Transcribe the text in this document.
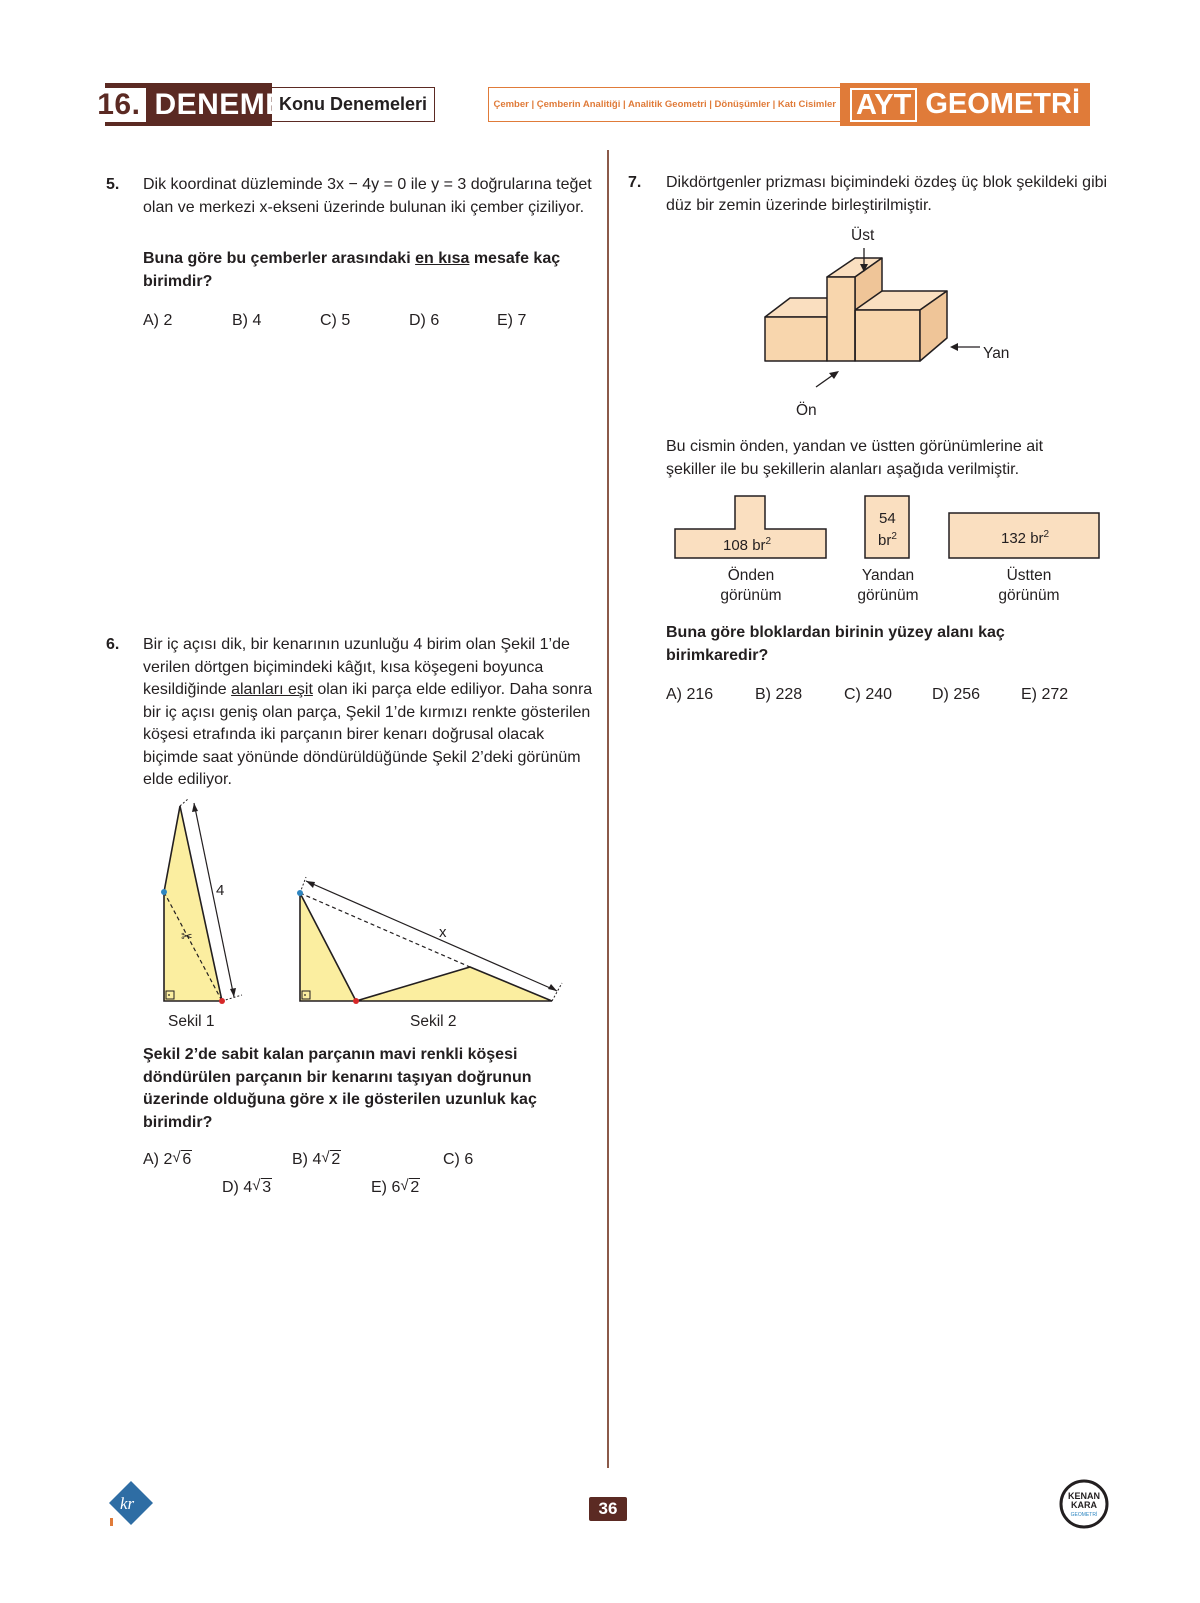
16. DENEME
Konu Denemeleri	Çember | Çemberin Analitiği | Analitik Geometri | Dönüşümler | Katı Cisimler AYT GEOMETRİ
5. Dik koordinat düzleminde 3x − 4y = 0 ile y = 3 doğrularına teğet olan ve merkezi x-ekseni üzerinde bulunan iki çember çiziliyor.
Buna göre bu çemberler arasındaki en kısa mesafe kaç birimdir?
A) 2	B) 4	C) 5	D) 6	E) 7
6. Bir iç açısı dik, bir kenarının uzunluğu 4 birim olan Şekil 1’de verilen dörtgen biçimindeki kâğıt, kısa köşegeni boyunca kesildiğinde alanları eşit olan iki parça elde ediliyor. Daha sonra bir iç açısı geniş olan parça, Şekil 1’de kırmızı renkte gösterilen köşesi etrafında iki parçanın birer kenarı doğrusal olacak biçimde saat yönünde döndürüldüğünde Şekil 2’deki görünüm elde ediliyor.
4
✂	x
Sekil 1	Sekil 2
Şekil 2’de sabit kalan parçanın mavi renkli köşesi döndürülen parçanın bir kenarını taşıyan doğrunun üzerinde olduğuna göre x ile gösterilen uzunluk kaç birimdir?
A) 2 √ 6	B) 4 √ 2	C) 6
D) 4 √ 3	E) 6 √ 2
7. Dikdörtgenler prizması biçimindeki özdeş üç blok şekildeki gibi düz bir zemin üzerinde birleştirilmiştir.
Üst
Yan
Ön
Bu cismin önden, yandan ve üstten görünümlerine ait şekiller ile bu şekillerin alanları aşağıda verilmiştir.
108 $br^2$
54
$br^2$	132 $br^2$
Önden
görünüm
Yandan
görünüm
Üstten
görünüm
Buna göre bloklardan birinin yüzey alanı kaç birimkaredir?
A) 216	B) 228	C) 240 D) 256	E) 272
kr	36
KENAN
KARA
GEOMETRİ
